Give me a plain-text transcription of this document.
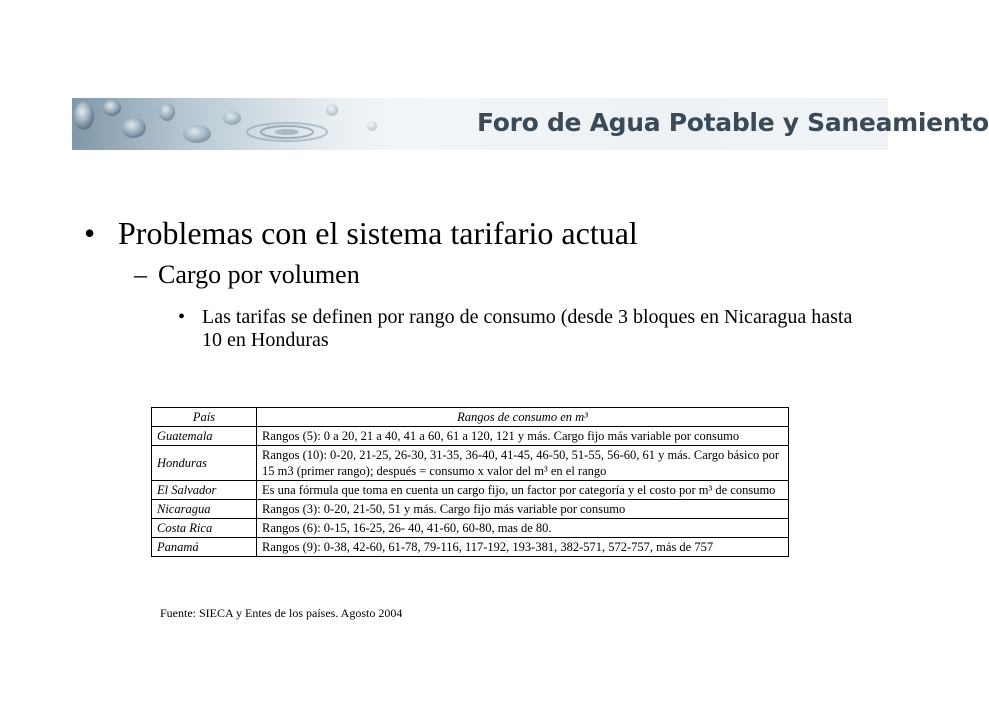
Foro de Agua Potable y Saneamiento
• Problemas con el sistema tarifario actual
– Cargo por volumen
• Las tarifas se definen por rango de consumo (desde 3 bloques en Nicaragua hasta 10 en Honduras
País	Rangos de consumo en m³
Guatemala	Rangos (5): 0 a 20, 21 a 40, 41 a 60, 61 a 120, 121 y más. Cargo fijo más variable por consumo
Honduras	Rangos (10): 0-20, 21-25, 26-30, 31-35, 36-40, 41-45, 46-50, 51-55, 56-60, 61 y más. Cargo básico por 15 m3 (primer rango); después = consumo x valor del m³ en el rango
El Salvador	Es una fórmula que toma en cuenta un cargo fijo, un factor por categoría y el costo por m³ de consumo
Nicaragua	Rangos (3): 0-20, 21-50, 51 y más. Cargo fijo más variable por consumo
Costa Rica	Rangos (6): 0-15, 16-25, 26- 40, 41-60, 60-80, mas de 80.
Panamá	Rangos (9): 0-38, 42-60, 61-78, 79-116, 117-192, 193-381, 382-571, 572-757, más de 757
Fuente: SIECA y Entes de los países. Agosto 2004
